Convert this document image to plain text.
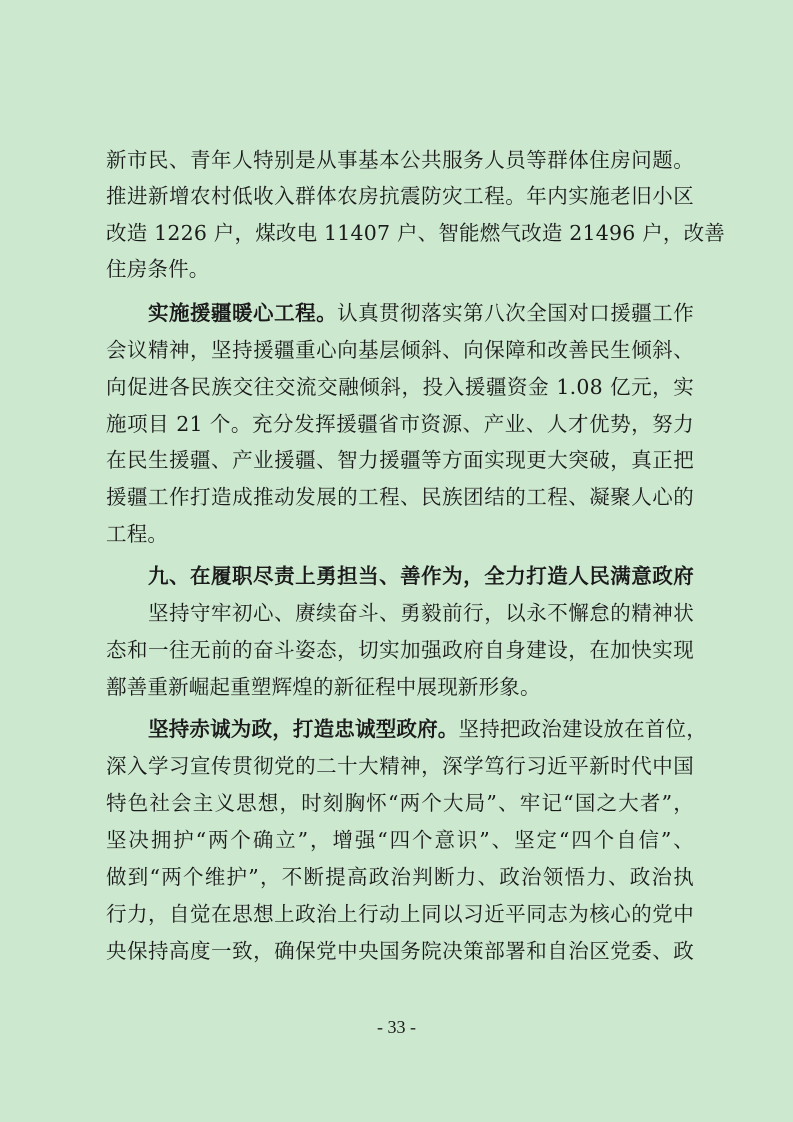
新市民、青年人特别是从事基本公共服务人员等群体住房问题。
推进新增农村低收入群体农房抗震防灾工程。年内实施老旧小区
改造 1226 户，煤改电 11407 户、智能燃气改造 21496 户，改善
住房条件。
实施援疆暖心工程。认真贯彻落实第八次全国对口援疆工作
会议精神，坚持援疆重心向基层倾斜、向保障和改善民生倾斜、
向促进各民族交往交流交融倾斜，投入援疆资金 1.08 亿元，实
施项目 21 个。充分发挥援疆省市资源、产业、人才优势，努力
在民生援疆、产业援疆、智力援疆等方面实现更大突破，真正把
援疆工作打造成推动发展的工程、民族团结的工程、凝聚人心的
工程。
九、在履职尽责上勇担当、善作为，全力打造人民满意政府
坚持守牢初心、赓续奋斗、勇毅前行，以永不懈怠的精神状
态和一往无前的奋斗姿态，切实加强政府自身建设，在加快实现
鄯善重新崛起重塑辉煌的新征程中展现新形象。
坚持赤诚为政，打造忠诚型政府。坚持把政治建设放在首位，
深入学习宣传贯彻党的二十大精神，深学笃行习近平新时代中国
特色社会主义思想，时刻胸怀“两个大局”、牢记“国之大者”，
坚决拥护“两个确立”，增强“四个意识”、坚定“四个自信”、
做到“两个维护”，不断提高政治判断力、政治领悟力、政治执
行力，自觉在思想上政治上行动上同以习近平同志为核心的党中
央保持高度一致，确保党中央国务院决策部署和自治区党委、政
- 33 -
